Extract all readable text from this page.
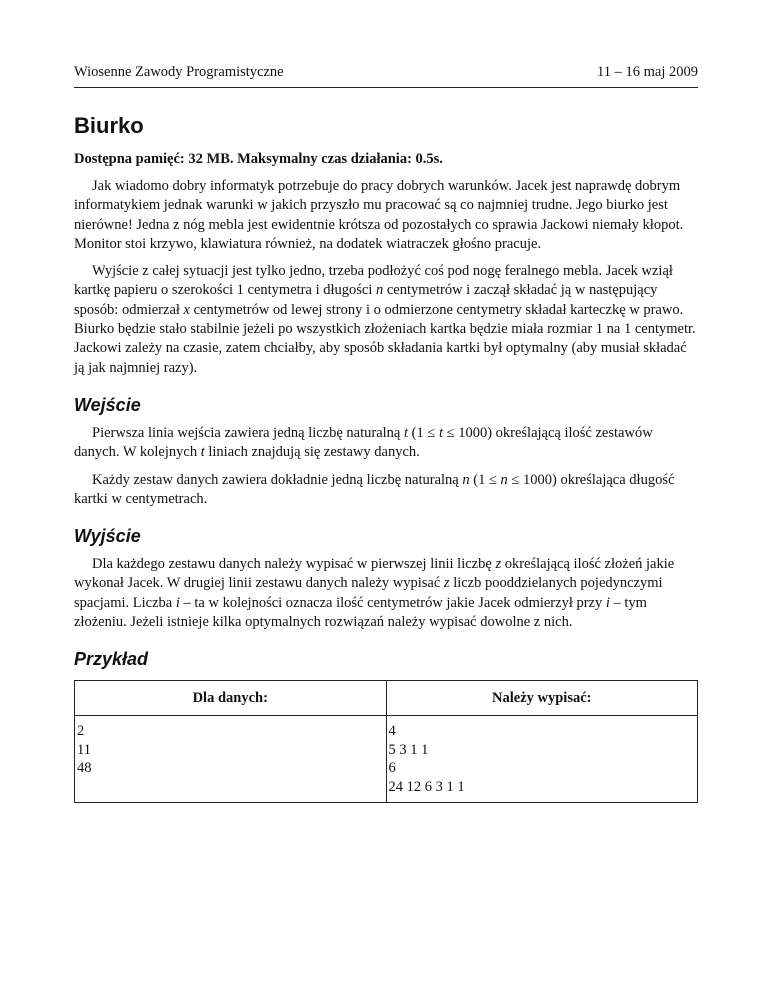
Wiosenne Zawody Programistyczne	11 – 16 maj 2009
Biurko
Dostępna pamięć: 32 MB. Maksymalny czas działania: 0.5s.

Jak wiadomo dobry informatyk potrzebuje do pracy dobrych warunków. Jacek jest naprawdę dobrym informatykiem jednak warunki w jakich przyszło mu pracować są co najmniej trudne. Jego biurko jest nierówne! Jedna z nóg mebla jest ewidentnie krótsza od pozostałych co sprawia Jackowi niemały kłopot. Monitor stoi krzywo, klawiatura również, na dodatek wiatraczek głośno pracuje.

Wyjście z całej sytuacji jest tylko jedno, trzeba podłożyć coś pod nogę feralnego mebla. Jacek wziął kartkę papieru o szerokości 1 centymetra i długości n centymetrów i zaczął składać ją w następujący sposób: odmierzał x centymetrów od lewej strony i o odmierzone centymetry składał karteczkę w prawo. Biurko będzie stało stabilnie jeżeli po wszystkich złożeniach kartka będzie miała rozmiar 1 na 1 centymetr. Jackowi zależy na czasie, zatem chciałby, aby sposób składania kartki był optymalny (aby musiał składać ją jak najmniej razy).

Wejście

Pierwsza linia wejścia zawiera jedną liczbę naturalną t (1 ≤ t ≤ 1000) określającą ilość zestawów danych. W kolejnych t liniach znajdują się zestawy danych.

Każdy zestaw danych zawiera dokładnie jedną liczbę naturalną n (1 ≤ n ≤ 1000) określająca długość kartki w centymetrach.

Wyjście

Dla każdego zestawu danych należy wypisać w pierwszej linii liczbę z określającą ilość złożeń jakie wykonał Jacek. W drugiej linii zestawu danych należy wypisać z liczb pooddzielanych pojedynczymi spacjami. Liczba i – ta w kolejności oznacza ilość centymetrów jakie Jacek odmierzył przy i – tym złożeniu. Jeżeli istnieje kilka optymalnych rozwiązań należy wypisać dowolne z nich.

Przykład
Dla danych:	Należy wypisać:

2
11
48	4
5 3 1 1
6
24 12 6 3 1 1
